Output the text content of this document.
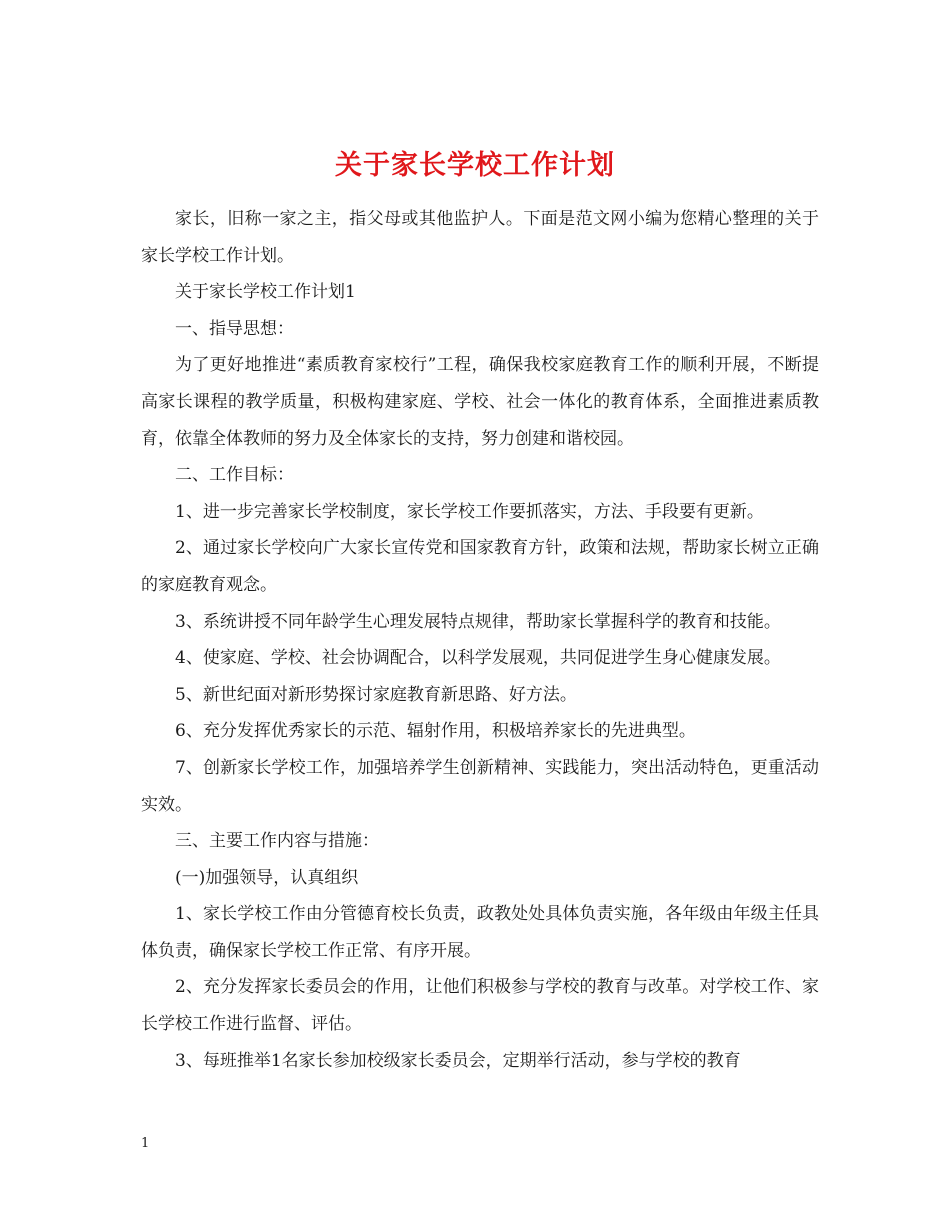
关于家长学校工作计划

家长，旧称一家之主，指父母或其他监护人。下面是范文网小编为您精心整理的关于家长学校工作计划。

关于家长学校工作计划1

一、指导思想：

为了更好地推进“素质教育家校行”工程，确保我校家庭教育工作的顺利开展，不断提高家长课程的教学质量，积极构建家庭、学校、社会一体化的教育体系，全面推进素质教育，依靠全体教师的努力及全体家长的支持，努力创建和谐校园。

二、工作目标：

1、进一步完善家长学校制度，家长学校工作要抓落实，方法、手段要有更新。

2、通过家长学校向广大家长宣传党和国家教育方针，政策和法规，帮助家长树立正确的家庭教育观念。

3、系统讲授不同年龄学生心理发展特点规律，帮助家长掌握科学的教育和技能。

4、使家庭、学校、社会协调配合，以科学发展观，共同促进学生身心健康发展。

5、新世纪面对新形势探讨家庭教育新思路、好方法。

6、充分发挥优秀家长的示范、辐射作用，积极培养家长的先进典型。

7、创新家长学校工作，加强培养学生创新精神、实践能力，突出活动特色，更重活动实效。

三、主要工作内容与措施：

(一)加强领导，认真组织

1、家长学校工作由分管德育校长负责，政教处处具体负责实施，各年级由年级主任具体负责，确保家长学校工作正常、有序开展。

2、充分发挥家长委员会的作用，让他们积极参与学校的教育与改革。对学校工作、家长学校工作进行监督、评估。

3、每班推举1名家长参加校级家长委员会，定期举行活动，参与学校的教育

1
